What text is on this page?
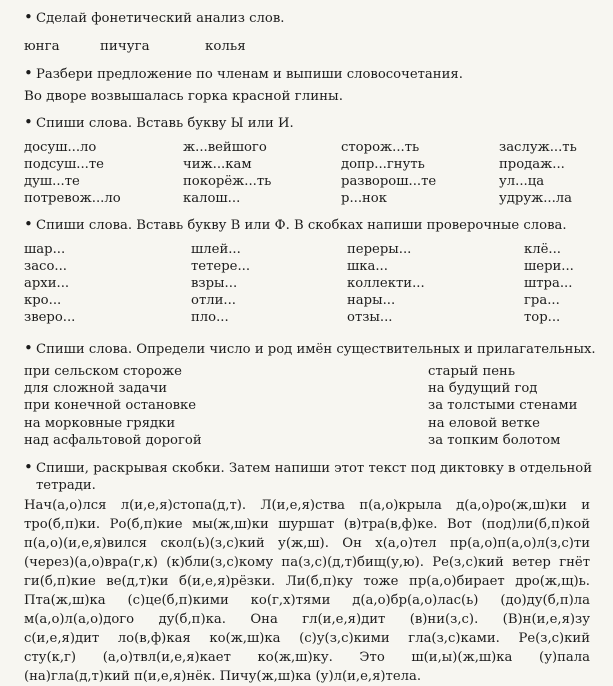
• Сделай фонетический анализ слов.
юнга	пичуга	колья
• Разбери предложение по членам и выпиши словосочетания.
Во дворе возвышалась горка красной глины.
• Спиши слова. Вставь букву Ы или И.
досуш...ло
подсуш...те
душ...те
потревож...ло
ж...вейшого
чиж...кам
покорёж...ть
калош...
сторож...ть
допр...гнуть
разворош...те
р...нок
заслуж...ть
продаж...
ул...ца
удруж...ла
• Спиши слова. Вставь букву В или Ф. В скобках напиши проверочные слова.
шар...
засо...
архи...
кро...
зверо...
шлей...
тетере...
взры...
отли...
пло...
переры...
шка...
коллекти...
нары...
отзы...
клё...
шери...
штра...
гра...
тор...
• Спиши слова. Определи число и род имён существительных и прилагательных.
при сельском стороже
для сложной задачи
при конечной остановке
на морковные грядки
над асфальтовой дорогой
старый пень
на будущий год
за толстыми стенами
на еловой ветке
за топким болотом
• Спиши, раскрывая скобки. Затем напиши этот текст под диктовку в отдельной
тетради.
Нач(а,о)лся л(и,е,я)стопа(д,т). Л(и,е,я)ства п(а,о)крыла д(а,о)ро(ж,ш)ки и
тро(б,п)ки. Ро(б,п)кие мы(ж,ш)ки шуршат (в)тра(в,ф)ке. Вот (под)ли(б,п)кой
п(а,о)(и,е,я)вился скол(ь)(з,с)кий у(ж,ш). Он х(а,о)тел пр(а,о)п(а,о)л(з,с)ти
(через)(а,о)вра(г,к) (к)бли(з,с)кому па(з,с)(д,т)бищ(у,ю). Ре(з,с)кий ветер гнёт
ги(б,п)кие ве(д,т)ки б(и,е,я)рёзки. Ли(б,п)ку тоже пр(а,о)бирает дро(ж,щ)ь.
Пта(ж,ш)ка (с)це(б,п)кими ко(г,х)тями д(а,о)бр(а,о)лас(ь) (до)ду(б,п)ла
м(а,о)л(а,о)дого ду(б,п)ка. Она гл(и,е,я)дит (в)ни(з,с). (В)н(и,е,я)зу
с(и,е,я)дит ло(в,ф)кая ко(ж,ш)ка (с)у(з,с)кими гла(з,с)ками. Ре(з,с)кий
сту(к,г) (а,о)твл(и,е,я)кает ко(ж,ш)ку. Это ш(и,ы)(ж,ш)ка (у)пала
(на)гла(д,т)кий п(и,е,я)нёк. Пичу(ж,ш)ка (у)л(и,е,я)тела.
